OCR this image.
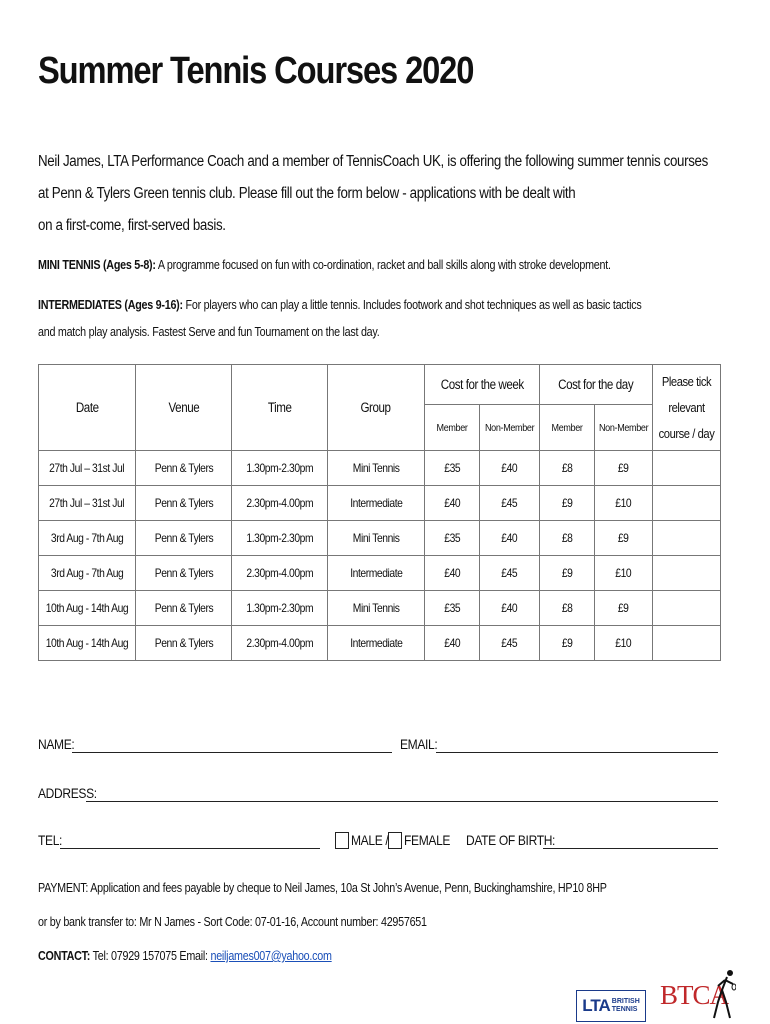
Summer Tennis Courses 2020
Neil James, LTA Performance Coach and a member of TennisCoach UK, is offering the following summer tennis courses
at Penn & Tylers Green tennis club. Please fill out the form below - applications with be dealt with
on a first-come, first-served basis.
MINI TENNIS (Ages 5-8): A programme focused on fun with co-ordination, racket and ball skills along with stroke development.
INTERMEDIATES (Ages 9-16): For players who can play a little tennis. Includes footwork and shot techniques as well as basic tactics
and match play analysis. Fastest Serve and fun Tournament on the last day.
Date	Venue	Time	Group	Cost for the week		Cost for the day		Please tick relevant course / day
				Member	Non-Member	Member	Non-Member	
27th Jul – 31st Jul	Penn & Tylers	1.30pm-2.30pm	Mini Tennis	£35	£40	£8	£9	
27th Jul – 31st Jul	Penn & Tylers	2.30pm-4.00pm	Intermediate	£40	£45	£9	£10	
3rd Aug - 7th Aug	Penn & Tylers	1.30pm-2.30pm	Mini Tennis	£35	£40	£8	£9	
3rd Aug - 7th Aug	Penn & Tylers	2.30pm-4.00pm	Intermediate	£40	£45	£9	£10	
10th Aug - 14th Aug	Penn & Tylers	1.30pm-2.30pm	Mini Tennis	£35	£40	£8	£9	
10th Aug - 14th Aug	Penn & Tylers	2.30pm-4.00pm	Intermediate	£40	£45	£9	£10	
NAME:	EMAIL:
ADDRESS:
TEL:	MALE / FEMALE DATE OF BIRTH:
PAYMENT: Application and fees payable by cheque to Neil James, 10a St John’s Avenue, Penn, Buckinghamshire, HP10 8HP
or by bank transfer to: Mr N James - Sort Code: 07-01-16, Account number: 42957651
CONTACT: Tel: 07929 157075 Email: neiljames007@yahoo.com
LTA BRITISH
TENNIS BTCA
